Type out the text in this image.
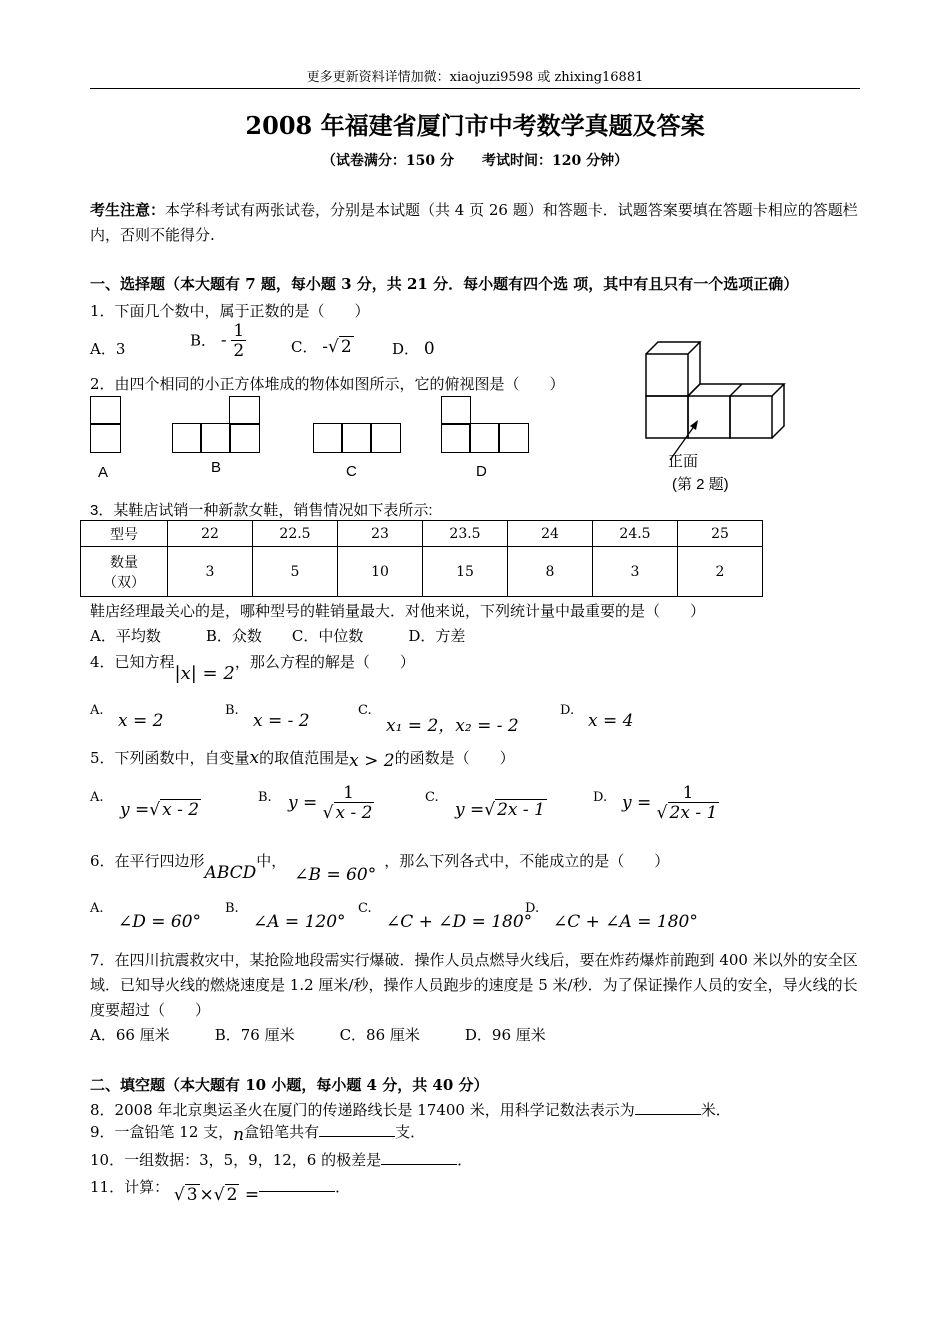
更多更新资料详情加微：xiaojuzi9598 或 zhixing16881
2008 年福建省厦门市中考数学真题及答案
（试卷满分：150 分　　考试时间：120 分钟）
考生注意：本学科考试有两张试卷，分别是本试题（共 4 页 26 题）和答题卡．试题答案要填在答题卡相应的答题栏内，否则不能得分.
一、选择题（本大题有 7 题，每小题 3 分，共 21 分．每小题有四个选 项，其中有且只有一个选项正确）
1．下面几个数中，属于正数的是（　　）
A．3	B． - $\frac{1}{2}$	C． -√ 2	D． 0
2．由四个相同的小正方体堆成的物体如图所示，它的俯视图是（　　）
A	B	C	D
正面
(第 2 题)
3．某鞋店试销一种新款女鞋，销售情况如下表所示:
型号	22	22.5	23	23.5	24	24.5	25

数量
（双）	3	5	10	15	8	3	2
鞋店经理最关心的是，哪种型号的鞋销量最大．对他来说，下列统计量中最重要的是（　　）
A．平均数　　　B．众数　　C．中位数　　　D．方差
4．已知方程|x| = 2，那么方程的解是（　　）
A.
x = 2
B.
x = - 2
C.
x₁ = 2，x₂ = - 2
D.
x = 4
5．下列函数中，自变量x的取值范围是x > 2的函数是（　　）
A.
y =√ x - 2
B. $y = \frac{1}{√ x - 2}$	C.
y =√ 2x - 1
D. $y = \frac{1}{√ 2x - 1}$
6．在平行四边形ABCD中，∠B = 60°，那么下列各式中，不能成立的是（　　）
A.
∠D = 60°
B.
∠A = 120°
C.
∠C + ∠D = 180°
D.
∠C + ∠A = 180°
7．在四川抗震救灾中，某抢险地段需实行爆破．操作人员点燃导火线后，要在炸药爆炸前跑到 400 米以外的安全区域．已知导火线的燃烧速度是 1.2 厘米/秒，操作人员跑步的速度是 5 米/秒．为了保证操作人员的安全，导火线的长度要超过（　　）
A．66 厘米　　　B．76 厘米　　　C．86 厘米　　　D．96 厘米
二、填空题（本大题有 10 小题，每小题 4 分，共 40 分）
8．2008 年北京奥运圣火在厦门的传递路线长是 17400 米，用科学记数法表示为	米．
9．一盒铅笔 12 支，n盒铅笔共有	支．
10．一组数据：3，5，9，12，6 的极差是	．
11．计算： √ 3 ×√ 2 =	．
